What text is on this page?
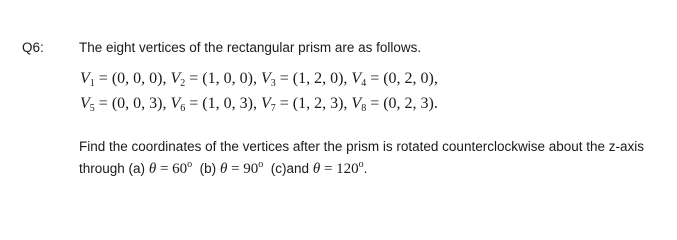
Q6:	The eight vertices of the rectangular prism are as follows.
$V_1 = (0$, 0, 0), $V_2 = (1$, 0, 0), $V_3 = (1$, 2, 0), $V_4 = (0$, 2, 0),
$V_5 = (0$, 0, 3), $V_6 = (1$, 0, 3), $V_7 = (1$, 2, 3), $V_8 = (0$, 2, 3).
Find the coordinates of the vertices after the prism is rotated counterclockwise about the z-axis
through (a) $\theta = 60^o$ (b) $\theta = 90^o$ (c)and $\theta = 120^o$.
